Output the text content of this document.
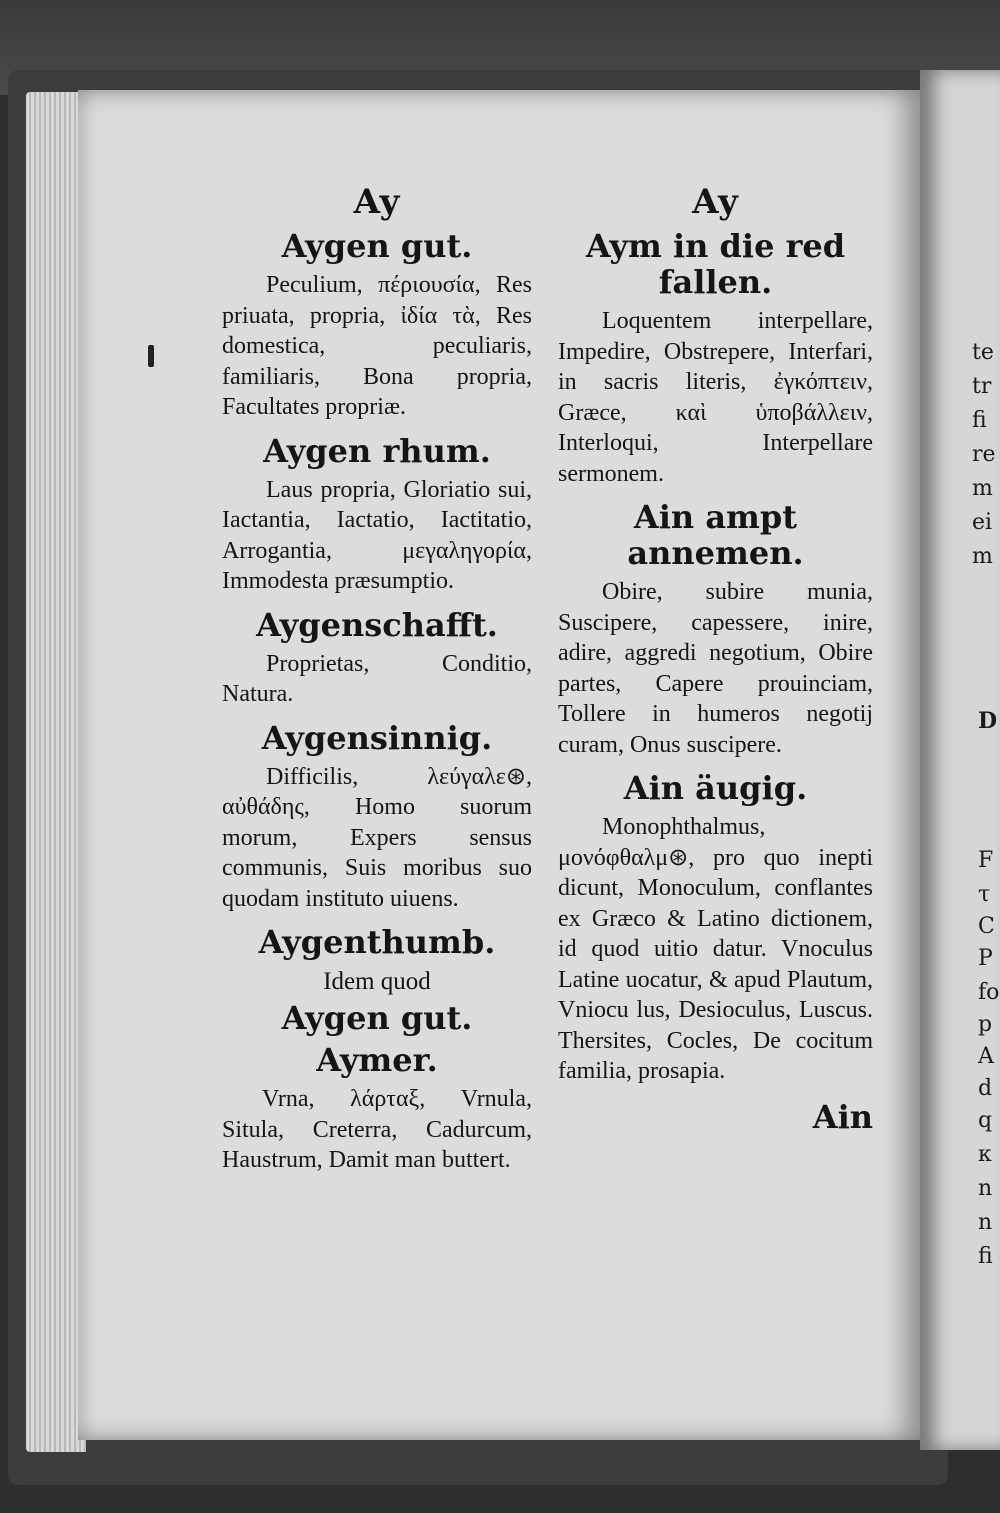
te
tr
fi
re
m
ei
m
D
F
τ
C
P
fo
p
A
d
q
κ
n
n
fi
Ay
Aygen gut.
Peculium, πέριουσία, Res priuata, propria, ἰδία τὰ, Res domestica, peculiaris, familiaris, Bona propria, Facultates propriæ.
Aygen rhum.
Laus propria, Gloriatio sui, Iactantia, Iactatio, Iactitatio, Arrogantia, μεγαληγορία, Immodesta præsumptio.
Aygenschafft.
Proprietas, Conditio, Natura.
Aygensinnig.
Difficilis, λεύγαλε⊛, αὐθάδης, Homo suorum morum, Expers sensus communis, Suis moribus suo quodam instituto uiuens.
Aygenthumb.
Idem quod
Aygen gut.
Aymer.
Vrna, λάρταξ, Vrnula, Situla, Creterra, Cadurcum, Haustrum, Damit man buttert.
Ay
Aym in die red fallen.
Loquentem interpellare, Impedire, Obstrepere, Interfari, in sacris literis, ἐγκόπτειν, Græce, καὶ ὑποβάλλειν, Interloqui, Interpellare sermonem.
Ain ampt annemen.
Obire, subire munia, Suscipere, capessere, inire, adire, aggredi negotium, Obire partes, Capere prouinciam, Tollere in humeros negotij curam, Onus suscipere.
Ain äugig.
Monophthalmus, μονόφθαλμ⊛, pro quo inepti dicunt, Monoculum, conflantes ex Græco & Latino dictionem, id quod uitio datur. Vnoculus Latine uocatur, & apud Plautum, Vniocu lus, Desioculus, Luscus. Thersites, Cocles, De cocitum familia, prosapia.
Ain
